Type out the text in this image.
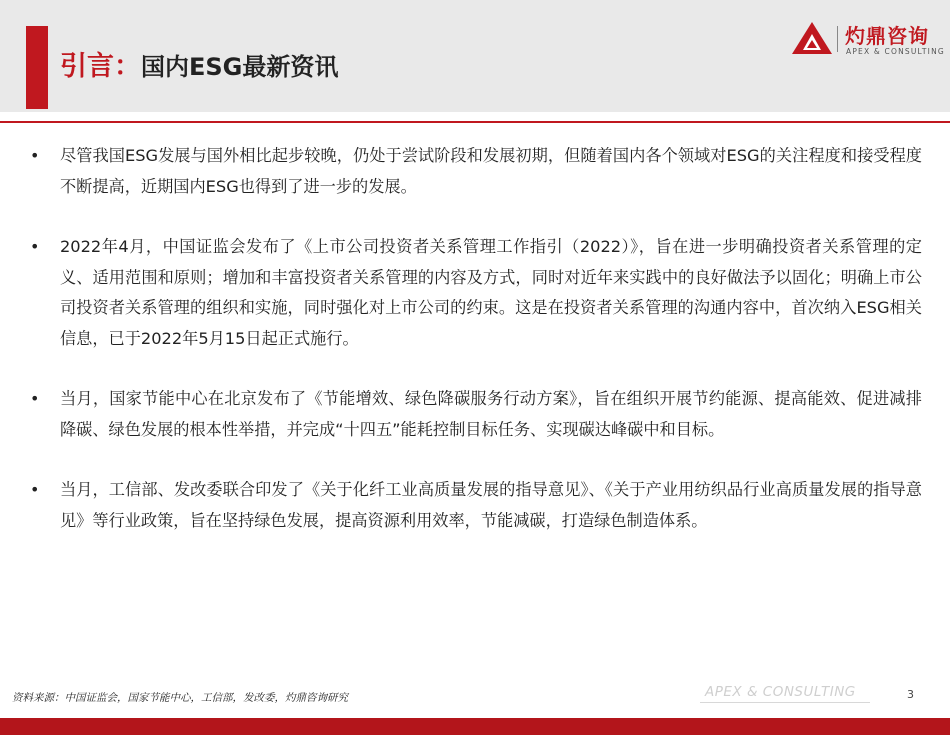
引言：国内ESG最新资讯
灼鼎咨询
APEX & CONSULTING
• 尽管我国ESG发展与国外相比起步较晚，仍处于尝试阶段和发展初期，但随着国内各个领域对ESG的关注程度和接受程度不断提高，近期国内ESG也得到了进一步的发展。
• 2022年4月，中国证监会发布了《上市公司投资者关系管理工作指引（2022）》，旨在进一步明确投资者关系管理的定义、适用范围和原则；增加和丰富投资者关系管理的内容及方式，同时对近年来实践中的良好做法予以固化；明确上市公司投资者关系管理的组织和实施，同时强化对上市公司的约束。这是在投资者关系管理的沟通内容中，首次纳入ESG相关信息，已于2022年5月15日起正式施行。
• 当月，国家节能中心在北京发布了《节能增效、绿色降碳服务行动方案》，旨在组织开展节约能源、提高能效、促进减排降碳、绿色发展的根本性举措，并完成“十四五”能耗控制目标任务、实现碳达峰碳中和目标。
• 当月，工信部、发改委联合印发了《关于化纤工业高质量发展的指导意见》、《关于产业用纺织品行业高质量发展的指导意见》等行业政策，旨在坚持绿色发展，提高资源利用效率，节能减碳，打造绿色制造体系。
资料来源：中国证监会，国家节能中心，工信部，发改委，灼鼎咨询研究	APEX & CONSULTING	3
